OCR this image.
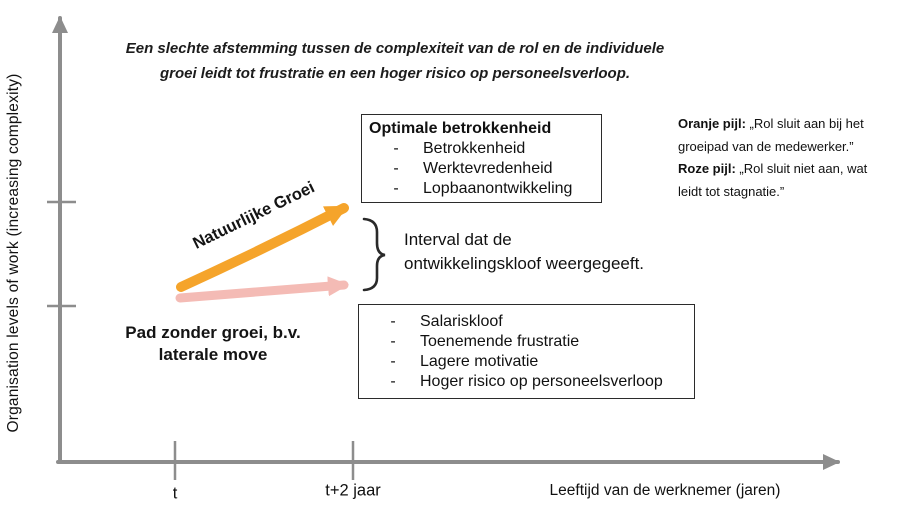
Organisation levels of work (increasing complexity)
Een slechte afstemming tussen de complexiteit van de rol en de individuele
groei leidt tot frustratie en een hoger risico op personeelsverloop.
Natuurlijke Groei
Optimale betrokkenheid
-	Betrokkenheid
-	Werktevredenheid
-	Lopbaanontwikkeling

Oranje pijl: „Rol sluit aan bij het

groeipad van de medewerker.”

Roze pijl: „Rol sluit niet aan, wat

leidt tot stagnatie.”

Interval dat de
ontwikkelingskloof weergegeeft.
Pad zonder groei, b.v.
laterale move
-	Salariskloof
-	Toenemende frustratie
-	Lagere motivatie
-	Hoger risico op personeelsverloop
t	t+2 jaar	Leeftijd van de werknemer (jaren)
